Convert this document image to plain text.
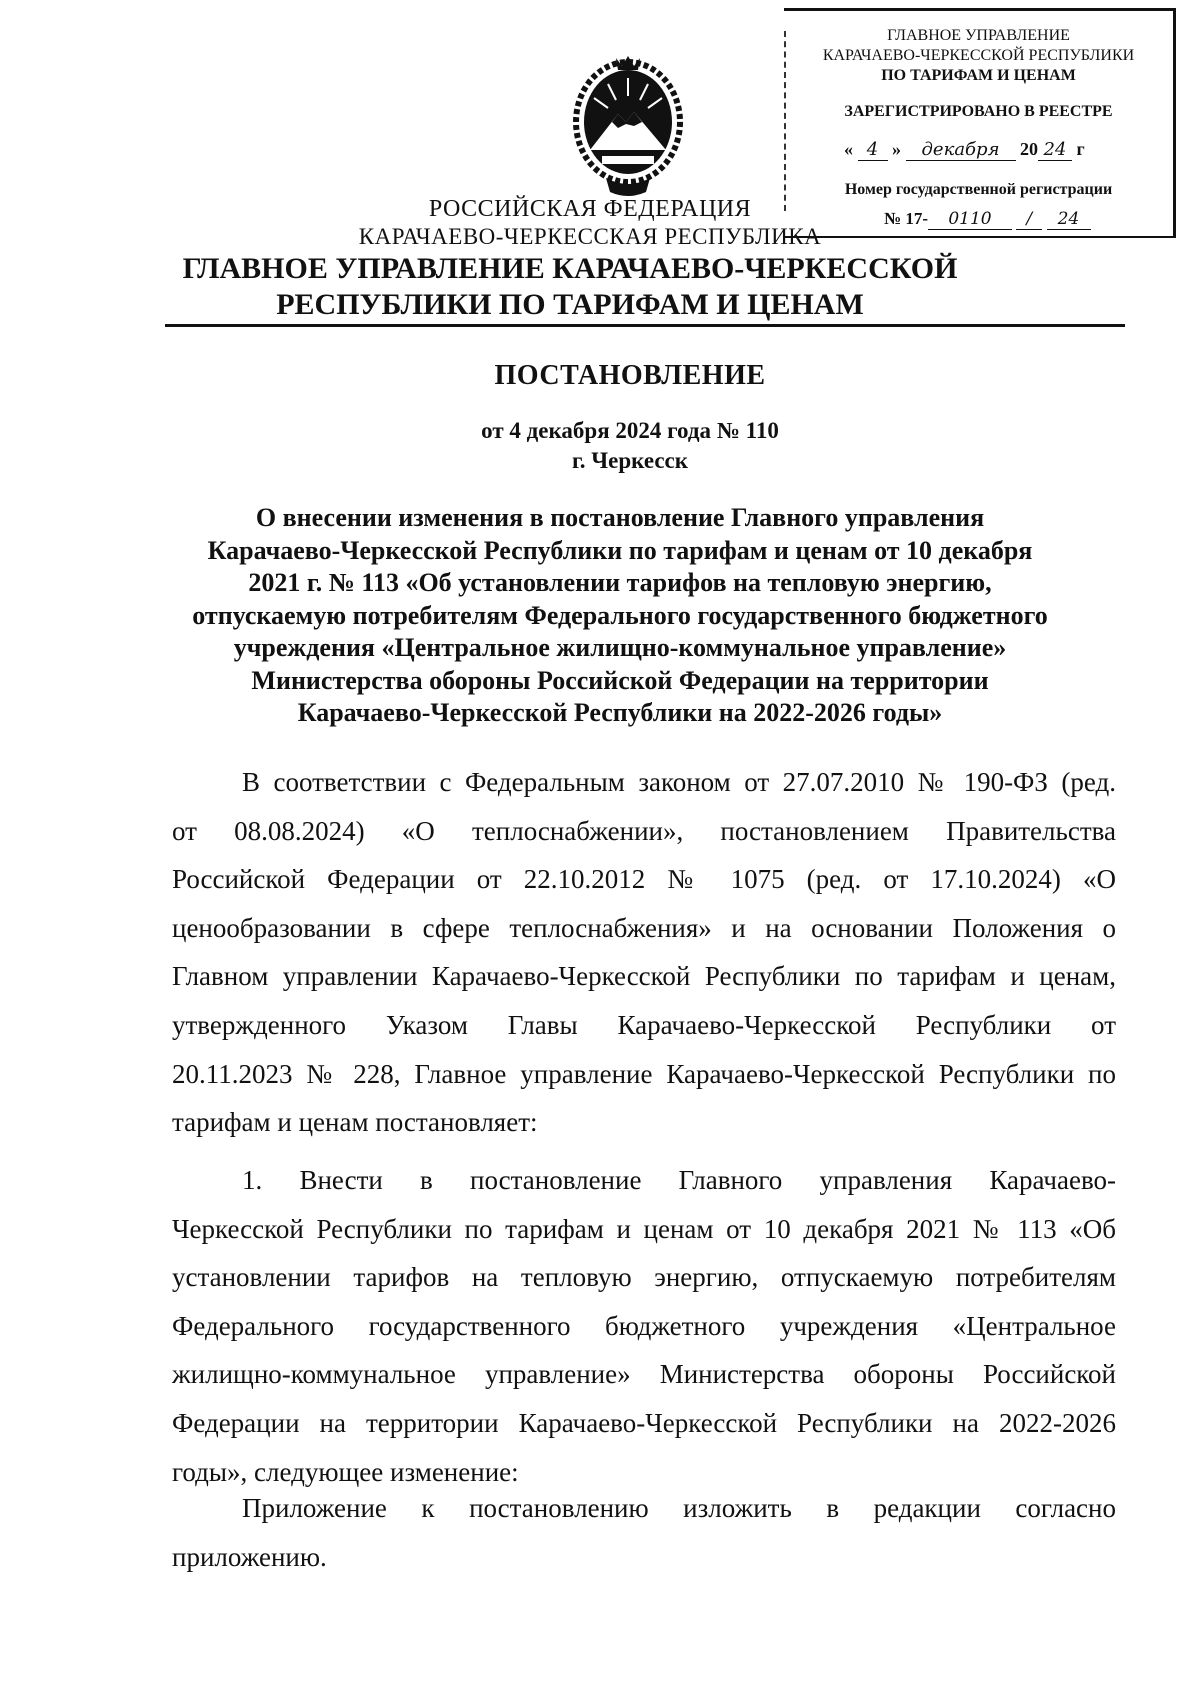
ГЛАВНОЕ УПРАВЛЕНИЕ
КАРАЧАЕВО-ЧЕРКЕССКОЙ РЕСПУБЛИКИ
ПО ТАРИФАМ И ЦЕНАМ
ЗАРЕГИСТРИРОВАНО В РЕЕСТРЕ
« 4 » декабря 20 24 г
Номер государственной регистрации
№ 17- 0110 / 24
РОССИЙСКАЯ ФЕДЕРАЦИЯ
КАРАЧАЕВО-ЧЕРКЕССКАЯ РЕСПУБЛИКА
ГЛАВНОЕ УПРАВЛЕНИЕ КАРАЧАЕВО-ЧЕРКЕССКОЙ
РЕСПУБЛИКИ ПО ТАРИФАМ И ЦЕНАМ
ПОСТАНОВЛЕНИЕ
от 4 декабря 2024 года № 110
г. Черкесск
О внесении изменения в постановление Главного управления
Карачаево-Черкесской Республики по тарифам и ценам от 10 декабря
2021 г. № 113 «Об установлении тарифов на тепловую энергию,
отпускаемую потребителям Федерального государственного бюджетного
учреждения «Центральное жилищно-коммунальное управление»
Министерства обороны Российской Федерации на территории
Карачаево-Черкесской Республики на 2022-2026 годы»
В соответствии с Федеральным законом от 27.07.2010 № 190-ФЗ (ред.
от 08.08.2024) «О теплоснабжении», постановлением Правительства
Российской Федерации от 22.10.2012 № 1075 (ред. от 17.10.2024) «О
ценообразовании в сфере теплоснабжения» и на основании Положения о
Главном управлении Карачаево-Черкесской Республики по тарифам и ценам,
утвержденного Указом Главы Карачаево-Черкесской Республики от
20.11.2023 № 228, Главное управление Карачаево-Черкесской Республики по
тарифам и ценам постановляет:
1. Внести в постановление Главного управления Карачаево-
Черкесской Республики по тарифам и ценам от 10 декабря 2021 № 113 «Об
установлении тарифов на тепловую энергию, отпускаемую потребителям
Федерального государственного бюджетного учреждения «Центральное
жилищно-коммунальное управление» Министерства обороны Российской
Федерации на территории Карачаево-Черкесской Республики на 2022-2026
годы», следующее изменение:
Приложение к постановлению изложить в редакции согласно
приложению.
